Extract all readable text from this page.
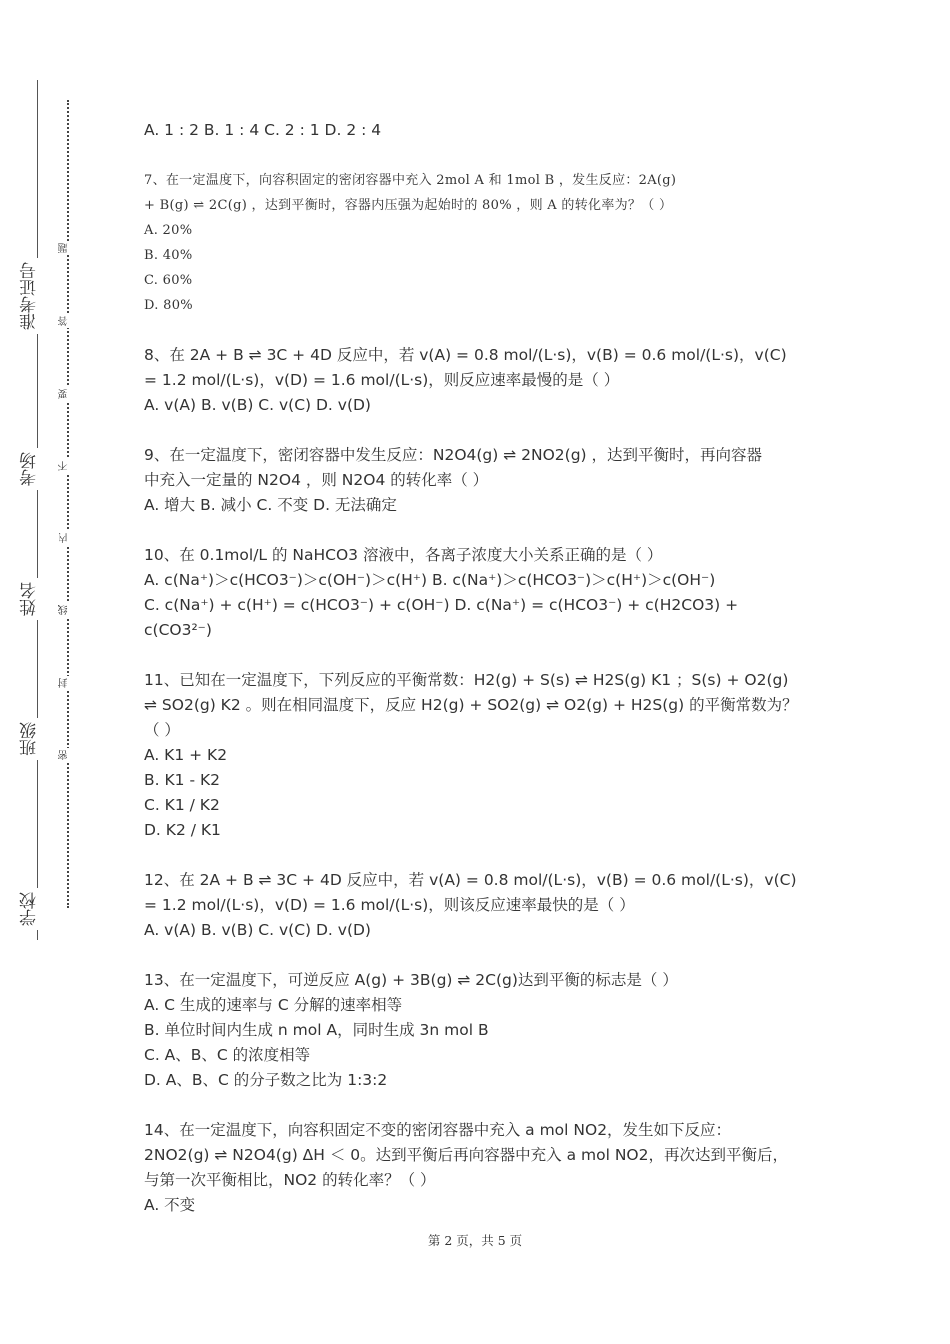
准考证号
考场
姓名
班级
学校
题
答
要
不
内
线
封
密
A. 1 : 2 B. 1 : 4 C. 2 : 1 D. 2 : 4
7、在一定温度下，向容积固定的密闭容器中充入 2mol A 和 1mol B ，发生反应：2A(g)
+ B(g) ⇌ 2C(g) ，达到平衡时，容器内压强为起始时的 80% ，则 A 的转化率为？（ ）
A. 20%
B. 40%
C. 60%
D. 80%
8、在 2A + B ⇌ 3C + 4D 反应中，若 v(A) = 0.8 mol/(L·s)，v(B) = 0.6 mol/(L·s)，v(C)
= 1.2 mol/(L·s)，v(D) = 1.6 mol/(L·s)，则反应速率最慢的是（ ）
A. v(A) B. v(B) C. v(C) D. v(D)
9、在一定温度下，密闭容器中发生反应：N2O4(g) ⇌ 2NO2(g) ，达到平衡时，再向容器
中充入一定量的 N2O4 ，则 N2O4 的转化率（ ）
A. 增大 B. 减小 C. 不变 D. 无法确定
10、在 0.1mol/L 的 NaHCO3 溶液中，各离子浓度大小关系正确的是（ ）
A. c(Na⁺)＞c(HCO3⁻)＞c(OH⁻)＞c(H⁺) B. c(Na⁺)＞c(HCO3⁻)＞c(H⁺)＞c(OH⁻)
C. c(Na⁺) + c(H⁺) = c(HCO3⁻) + c(OH⁻) D. c(Na⁺) = c(HCO3⁻) + c(H2CO3) +
c(CO3²⁻)
11、已知在一定温度下，下列反应的平衡常数：H2(g) + S(s) ⇌ H2S(g) K1 ；S(s) + O2(g)
⇌ SO2(g) K2 。则在相同温度下，反应 H2(g) + SO2(g) ⇌ O2(g) + H2S(g) 的平衡常数为？
（ ）
A. K1 + K2
B. K1 - K2
C. K1 / K2
D. K2 / K1
12、在 2A + B ⇌ 3C + 4D 反应中，若 v(A) = 0.8 mol/(L·s)，v(B) = 0.6 mol/(L·s)，v(C)
= 1.2 mol/(L·s)，v(D) = 1.6 mol/(L·s)，则该反应速率最快的是（ ）
A. v(A) B. v(B) C. v(C) D. v(D)
13、在一定温度下，可逆反应 A(g) + 3B(g) ⇌ 2C(g)达到平衡的标志是（ ）
A. C 生成的速率与 C 分解的速率相等
B. 单位时间内生成 n mol A，同时生成 3n mol B
C. A、B、C 的浓度相等
D. A、B、C 的分子数之比为 1:3:2
14、在一定温度下，向容积固定不变的密闭容器中充入 a mol NO2，发生如下反应：
2NO2(g) ⇌ N2O4(g) ΔH ＜ 0。达到平衡后再向容器中充入 a mol NO2，再次达到平衡后，
与第一次平衡相比，NO2 的转化率？（ ）
A. 不变
第 2 页，共 5 页
